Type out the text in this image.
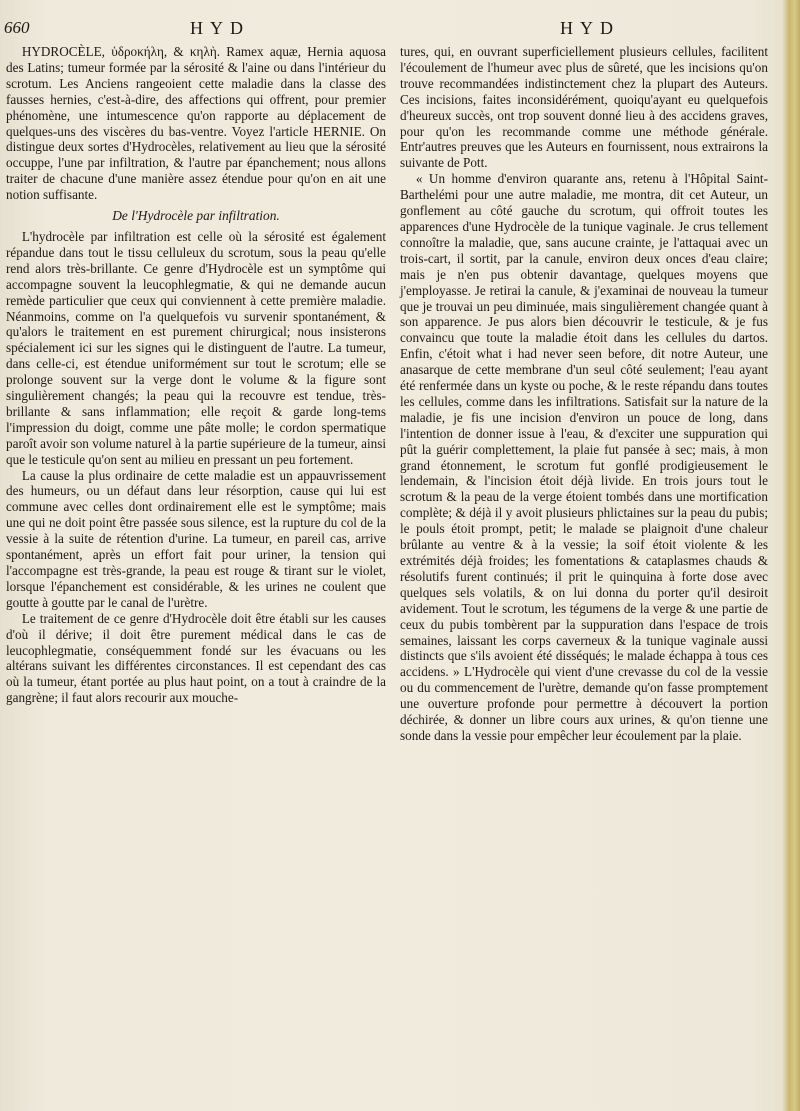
660	HYD	HYD

HYDROCÈLE, ὑδροκήλη, & κηλὴ. Ramex aquæ, Hernia aquosa des Latins; tumeur formée par la sérosité & l'aine ou dans l'intérieur du scrotum. Les Anciens rangeoient cette maladie dans la classe des fausses hernies, c'est-à-dire, des affections qui offrent, pour premier phénomène, une intumescence qu'on rapporte au déplacement de quelques-uns des viscères du bas-ventre. Voyez l'article HERNIE. On distingue deux sortes d'Hydrocèles, relativement au lieu que la sérosité occuppe, l'une par infiltration, & l'autre par épanchement; nous allons traiter de chacune d'une manière assez étendue pour qu'on en ait une notion suffisante.

De l'Hydrocèle par infiltration.

L'hydrocèle par infiltration est celle où la sérosité est également répandue dans tout le tissu celluleux du scrotum, sous la peau qu'elle rend alors très-brillante. Ce genre d'Hydrocèle est un symptôme qui accompagne souvent la leucophlegmatie, & qui ne demande aucun remède particulier que ceux qui conviennent à cette première maladie. Néanmoins, comme on l'a quelquefois vu survenir spontanément, & qu'alors le traitement en est purement chirurgical; nous insisterons spécialement ici sur les signes qui le distinguent de l'autre. La tumeur, dans celle-ci, est étendue uniformément sur tout le scrotum; elle se prolonge souvent sur la verge dont le volume & la figure sont singulièrement changés; la peau qui la recouvre est tendue, très-brillante & sans inflammation; elle reçoit & garde long-tems l'impression du doigt, comme une pâte molle; le cordon spermatique paroît avoir son volume naturel à la partie supérieure de la tumeur, ainsi que le testicule qu'on sent au milieu en pressant un peu fortement.

La cause la plus ordinaire de cette maladie est un appauvrissement des humeurs, ou un défaut dans leur résorption, cause qui lui est commune avec celles dont ordinairement elle est le symptôme; mais une qui ne doit point être passée sous silence, est la rupture du col de la vessie à la suite de rétention d'urine. La tumeur, en pareil cas, arrive spontanément, après un effort fait pour uriner, la tension qui l'accompagne est très-grande, la peau est rouge & tirant sur le violet, lorsque l'épanchement est considérable, & les urines ne coulent que goutte à goutte par le canal de l'urètre.

Le traitement de ce genre d'Hydrocèle doit être établi sur les causes d'où il dérive; il doit être purement médical dans le cas de leucophlegmatie, conséquemment fondé sur les évacuans ou les altérans suivant les différentes circonstances. Il est cependant des cas où la tumeur, étant portée au plus haut point, on a tout à craindre de la gangrène; il faut alors recourir aux mouche-

tures, qui, en ouvrant superficiellement plusieurs cellules, facilitent l'écoulement de l'humeur avec plus de sûreté, que les incisions qu'on trouve recommandées indistinctement chez la plupart des Auteurs. Ces incisions, faites inconsidérément, quoiqu'ayant eu quelquefois d'heureux succès, ont trop souvent donné lieu à des accidens graves, pour qu'on les recommande comme une méthode générale. Entr'autres preuves que les Auteurs en fournissent, nous extrairons la suivante de Pott.

« Un homme d'environ quarante ans, retenu à l'Hôpital Saint-Barthelémi pour une autre maladie, me montra, dit cet Auteur, un gonflement au côté gauche du scrotum, qui offroit toutes les apparences d'une Hydrocèle de la tunique vaginale. Je crus tellement connoître la maladie, que, sans aucune crainte, je l'attaquai avec un trois-cart, il sortit, par la canule, environ deux onces d'eau claire; mais je n'en pus obtenir davantage, quelques moyens que j'employasse. Je retirai la canule, & j'examinai de nouveau la tumeur que je trouvai un peu diminuée, mais singulièrement changée quant à son apparence. Je pus alors bien découvrir le testicule, & je fus convaincu que toute la maladie étoit dans les cellules du dartos. Enfin, c'étoit what i had never seen before, dit notre Auteur, une anasarque de cette membrane d'un seul côté seulement; l'eau ayant été renfermée dans un kyste ou poche, & le reste répandu dans toutes les cellules, comme dans les infiltrations. Satisfait sur la nature de la maladie, je fis une incision d'environ un pouce de long, dans l'intention de donner issue à l'eau, & d'exciter une suppuration qui pût la guérir complettement, la plaie fut pansée à sec; mais, à mon grand étonnement, le scrotum fut gonflé prodigieusement le lendemain, & l'incision étoit déjà livide. En trois jours tout le scrotum & la peau de la verge étoient tombés dans une mortification complète; & déjà il y avoit plusieurs phlictaines sur la peau du pubis; le pouls étoit prompt, petit; le malade se plaignoit d'une chaleur brûlante au ventre & à la vessie; la soif étoit violente & les extrémités déjà froides; les fomentations & cataplasmes chauds & résolutifs furent continués; il prit le quinquina à forte dose avec quelques sels volatils, & on lui donna du porter qu'il desiroit avidement. Tout le scrotum, les tégumens de la verge & une partie de ceux du pubis tombèrent par la suppuration dans l'espace de trois semaines, laissant les corps caverneux & la tunique vaginale aussi distincts que s'ils avoient été disséqués; le malade échappa à tous ces accidens. » L'Hydrocèle qui vient d'une crevasse du col de la vessie ou du commencement de l'urètre, demande qu'on fasse promptement une ouverture profonde pour permettre à découvert la portion déchirée, & donner un libre cours aux urines, & qu'on tienne une sonde dans la vessie pour empêcher leur écoulement par la plaie.
